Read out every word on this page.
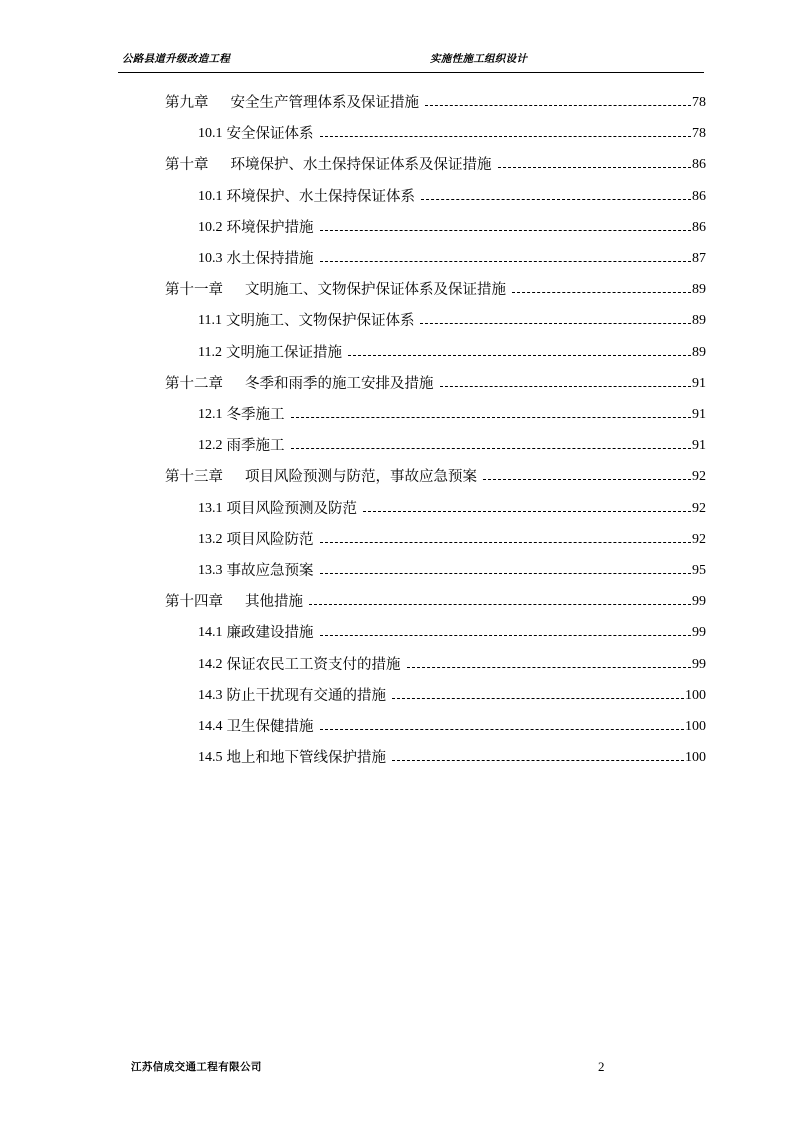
公路县道升级改造工程	实施性施工组织设计
第九章 安全生产管理体系及保证措施	78
10.1 安全保证体系	78
第十章 环境保护、水土保持保证体系及保证措施	86
10.1 环境保护、水土保持保证体系	86
10.2 环境保护措施	86
10.3 水土保持措施	87
第十一章 文明施工、文物保护保证体系及保证措施	89
11.1 文明施工、文物保护保证体系	89
11.2 文明施工保证措施	89
第十二章 冬季和雨季的施工安排及措施	91
12.1 冬季施工	91
12.2 雨季施工	91
第十三章 项目风险预测与防范，事故应急预案	92
13.1 项目风险预测及防范	92
13.2 项目风险防范	92
13.3 事故应急预案	95
第十四章 其他措施	99
14.1 廉政建设措施	99
14.2 保证农民工工资支付的措施	99
14.3 防止干扰现有交通的措施	100
14.4 卫生保健措施	100
14.5 地上和地下管线保护措施	100
江苏信成交通工程有限公司	2
